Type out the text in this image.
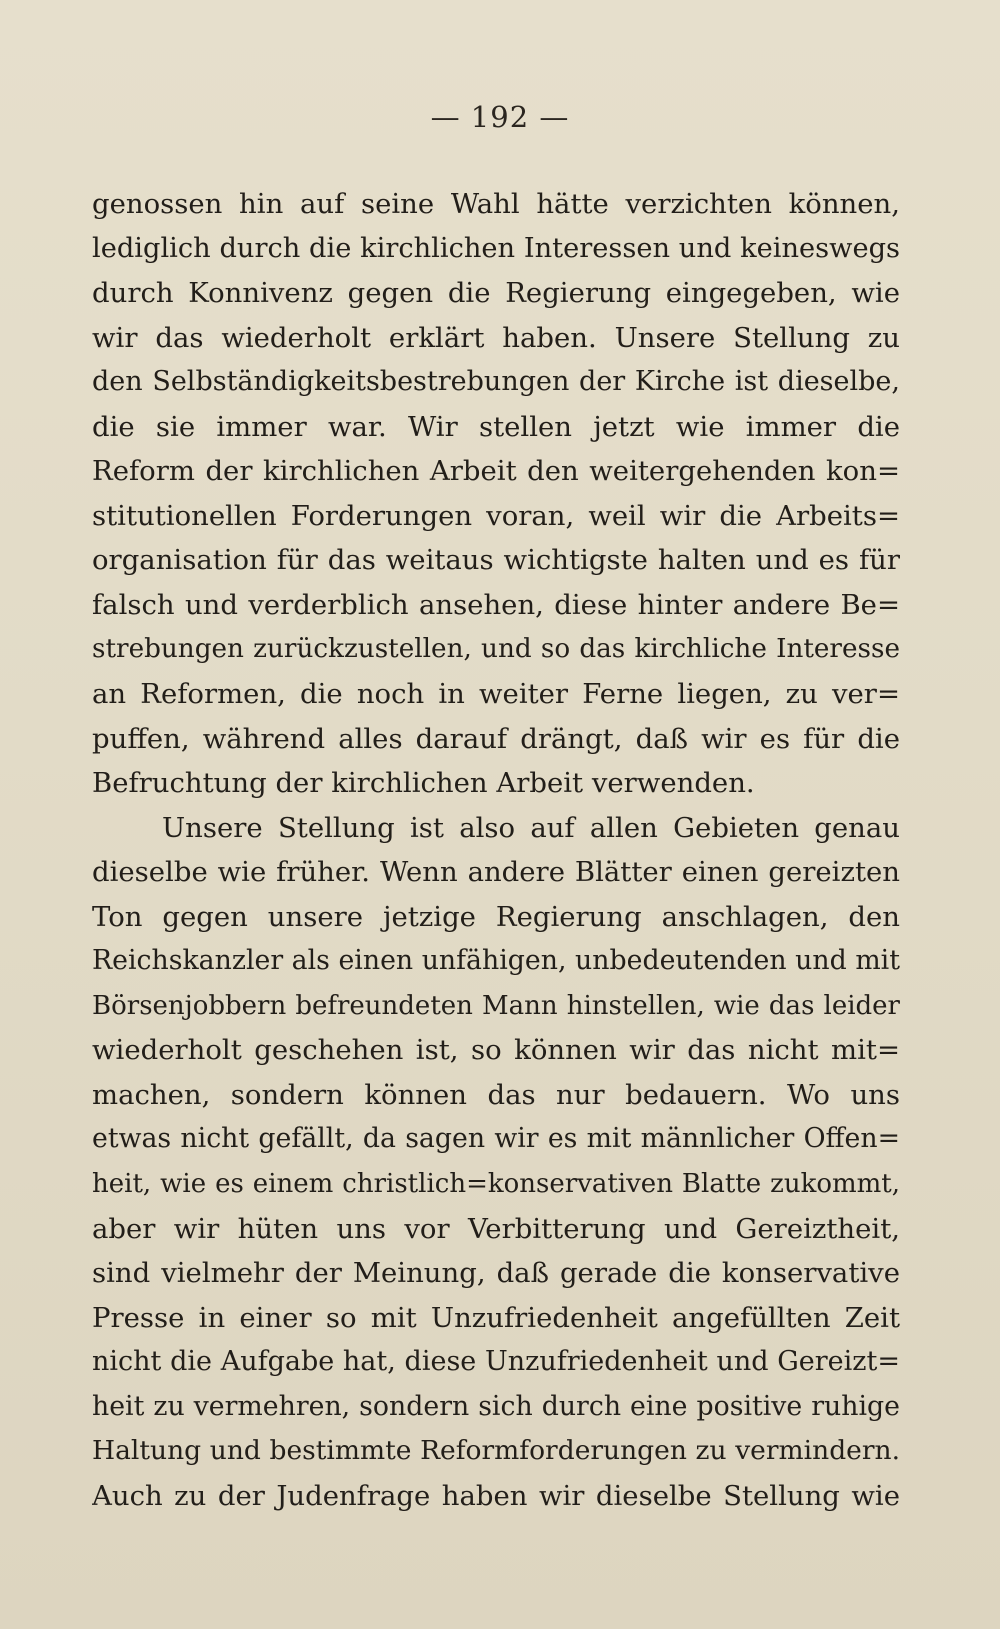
— 192 —
genossen hin auf seine Wahl hätte verzichten können,
lediglich durch die kirchlichen Interessen und keineswegs
durch Konnivenz gegen die Regierung eingegeben, wie
wir das wiederholt erklärt haben. Unsere Stellung zu
den Selbständigkeitsbestrebungen der Kirche ist dieselbe,
die sie immer war. Wir stellen jetzt wie immer die
Reform der kirchlichen Arbeit den weitergehenden kon=
stitutionellen Forderungen voran, weil wir die Arbeits=
organisation für das weitaus wichtigste halten und es für
falsch und verderblich ansehen, diese hinter andere Be=
strebungen zurückzustellen, und so das kirchliche Interesse
an Reformen, die noch in weiter Ferne liegen, zu ver=
puffen, während alles darauf drängt, daß wir es für die
Befruchtung der kirchlichen Arbeit verwenden.
Unsere Stellung ist also auf allen Gebieten genau
dieselbe wie früher. Wenn andere Blätter einen gereizten
Ton gegen unsere jetzige Regierung anschlagen, den
Reichskanzler als einen unfähigen, unbedeutenden und mit
Börsenjobbern befreundeten Mann hinstellen, wie das leider
wiederholt geschehen ist, so können wir das nicht mit=
machen, sondern können das nur bedauern. Wo uns
etwas nicht gefällt, da sagen wir es mit männlicher Offen=
heit, wie es einem christlich=konservativen Blatte zukommt,
aber wir hüten uns vor Verbitterung und Gereiztheit,
sind vielmehr der Meinung, daß gerade die konservative
Presse in einer so mit Unzufriedenheit angefüllten Zeit
nicht die Aufgabe hat, diese Unzufriedenheit und Gereizt=
heit zu vermehren, sondern sich durch eine positive ruhige
Haltung und bestimmte Reformforderungen zu vermindern.
Auch zu der Judenfrage haben wir dieselbe Stellung wie
